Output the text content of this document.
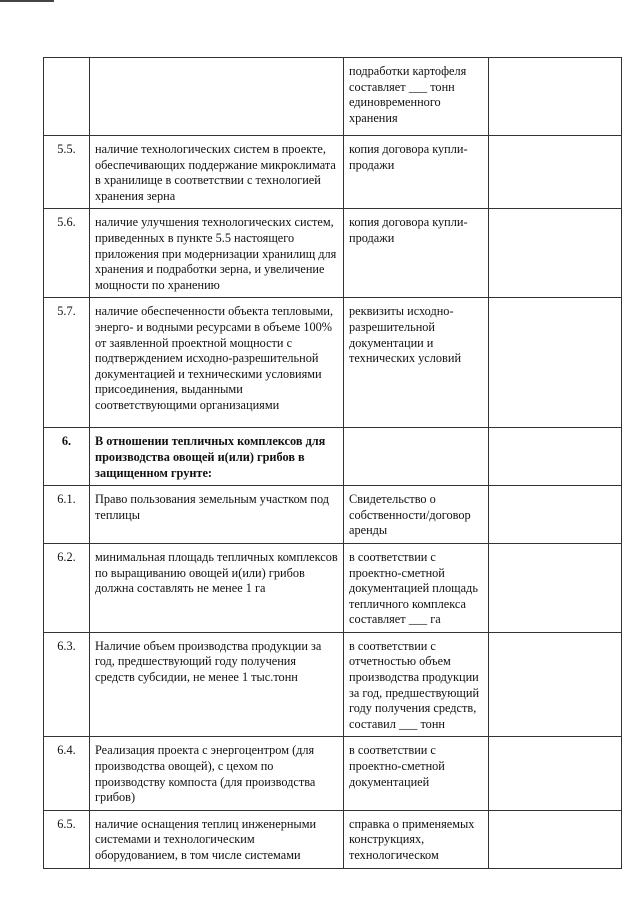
		подработки картофеля составляет ___ тонн единовременного хранения	
5.5.	наличие технологических систем в проекте, обеспечивающих поддержание микроклимата в хранилище в соответствии с технологией хранения зерна	копия договора купли-продажи	
5.6.	наличие улучшения технологических систем, приведенных в пункте 5.5 настоящего приложения при модернизации хранилищ для хранения и подработки зерна, и увеличение мощности по хранению	копия договора купли-продажи	
5.7.	наличие обеспеченности объекта тепловыми, энерго- и водными ресурсами в объеме 100% от заявленной проектной мощности с подтверждением исходно-разрешительной документацией и техническими условиями присоединения, выданными соответствующими организациями	реквизиты исходно-разрешительной документации и технических условий	
6.	В отношении тепличных комплексов для производства овощей и(или) грибов в защищенном грунте:		
6.1.	Право пользования земельным участком под теплицы	Свидетельство о собственности/договор аренды	
6.2.	минимальная площадь тепличных комплексов по выращиванию овощей и(или) грибов должна составлять не менее 1 га	в соответствии с проектно-сметной документацией площадь тепличного комплекса составляет ___ га	
6.3.	Наличие объем производства продукции за год, предшествующий году получения средств субсидии, не менее 1 тыс.тонн	в соответствии с отчетностью объем производства продукции за год, предшествующий году получения средств, составил ___ тонн	
6.4.	Реализация проекта с энергоцентром (для производства овощей), с цехом по производству компоста (для производства грибов)	в соответствии с проектно-сметной документацией	
6.5.	наличие оснащения теплиц инженерными системами и технологическим оборудованием, в том числе системами	справка о применяемых конструкциях, технологическом	
